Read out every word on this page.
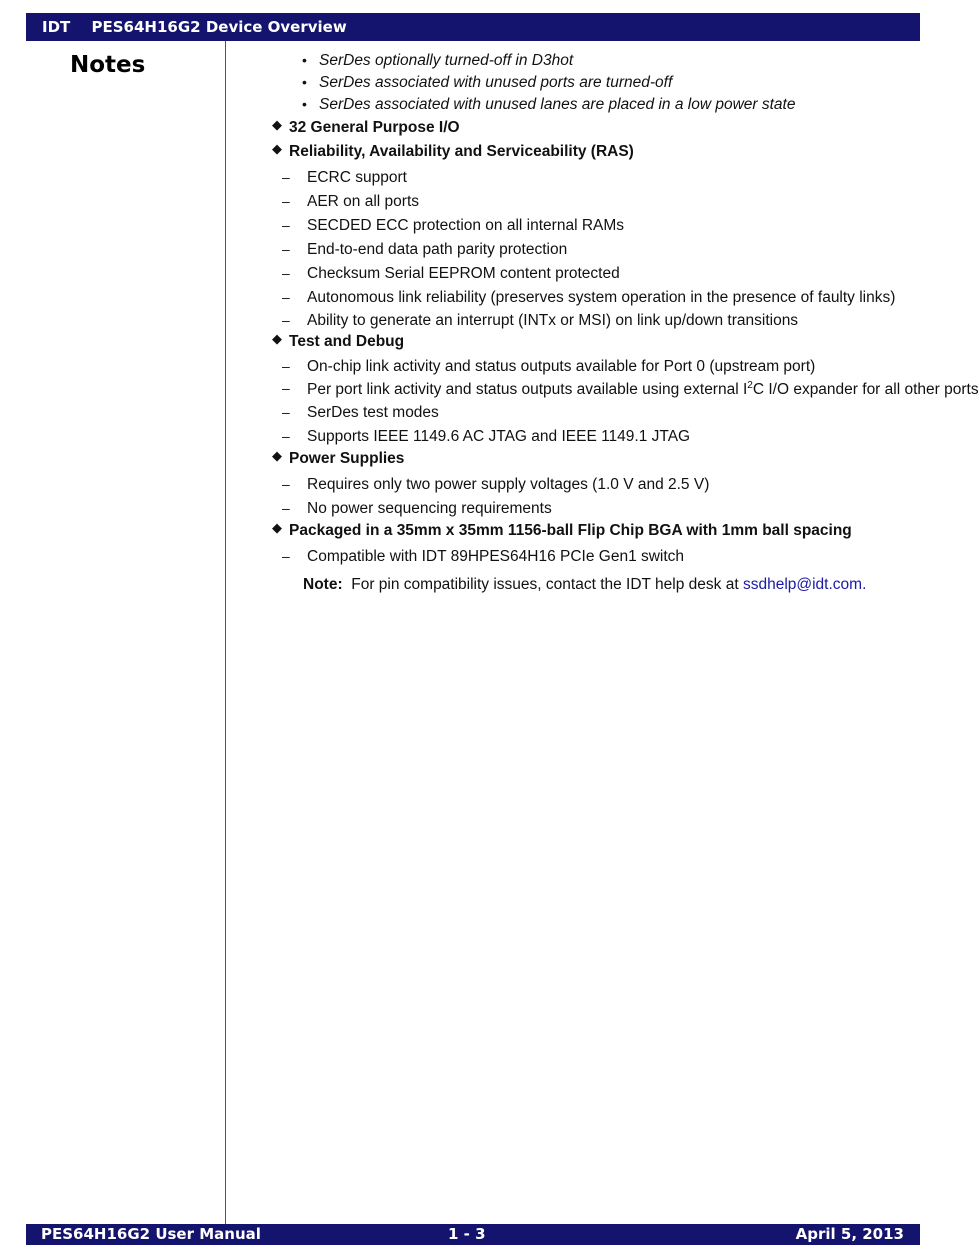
IDT PES64H16G2 Device Overview
Notes	• SerDes optionally turned-off in D3hot
• SerDes associated with unused ports are turned-off
• SerDes associated with unused lanes are placed in a low power state
◆ 32 General Purpose I/O
◆ Reliability, Availability and Serviceability (RAS)
– ECRC support
– AER on all ports
– SECDED ECC protection on all internal RAMs
– End-to-end data path parity protection
– Checksum Serial EEPROM content protected
– Autonomous link reliability (preserves system operation in the presence of faulty links)
– Ability to generate an interrupt (INTx or MSI) on link up/down transitions
◆ Test and Debug
– On-chip link activity and status outputs available for Port 0 (upstream port)
– Per port link activity and status outputs available using external $I^2C$ I/O expander for all other ports
– SerDes test modes
– Supports IEEE 1149.6 AC JTAG and IEEE 1149.1 JTAG
◆ Power Supplies
– Requires only two power supply voltages (1.0 V and 2.5 V)
– No power sequencing requirements
◆ Packaged in a 35mm x 35mm 1156-ball Flip Chip BGA with 1mm ball spacing
– Compatible with IDT 89HPES64H16 PCIe Gen1 switch
Note: For pin compatibility issues, contact the IDT help desk at ssdhelp@idt.com.
PES64H16G2 User Manual	1 - 3	April 5, 2013
